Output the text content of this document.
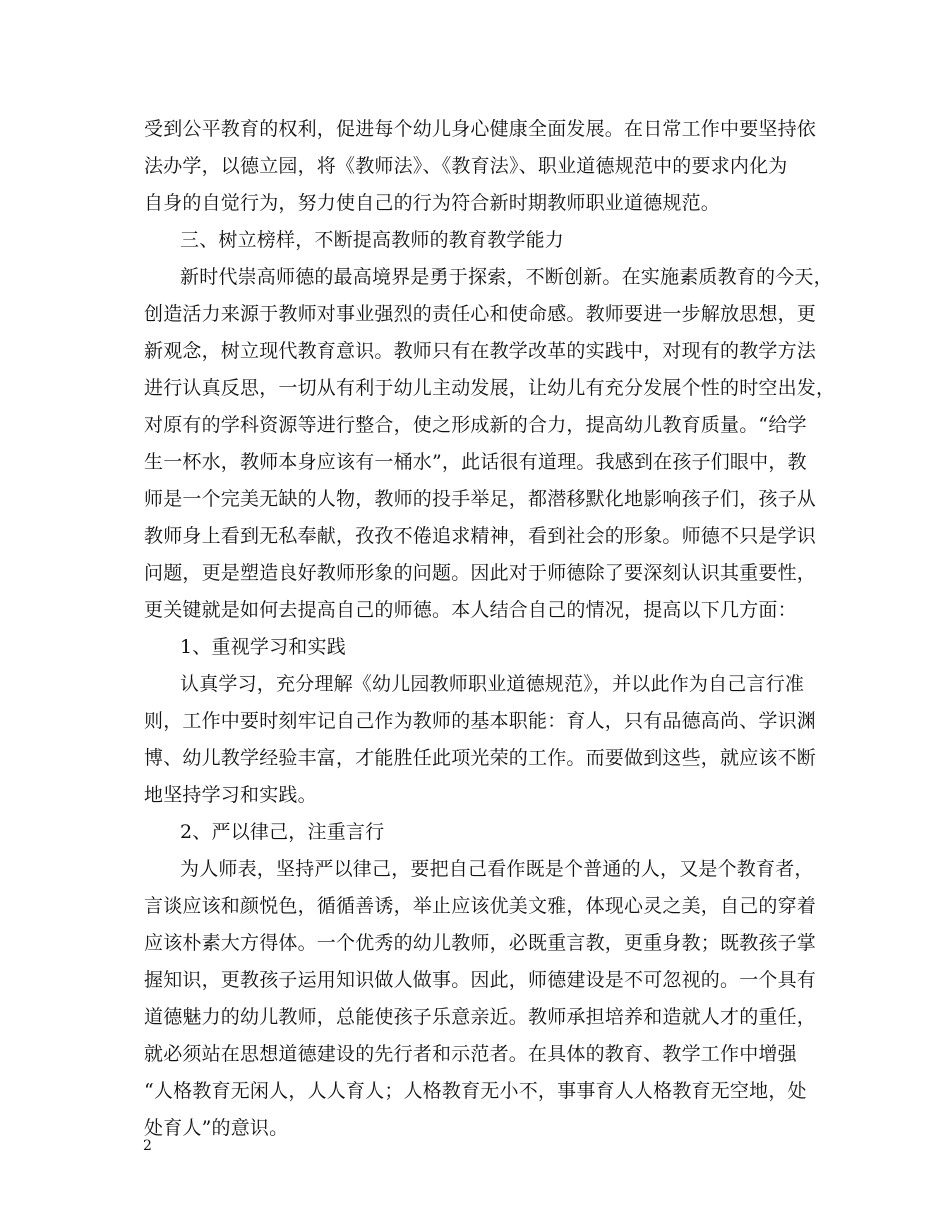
受到公平教育的权利，促进每个幼儿身心健康全面发展。在日常工作中要坚持依
法办学，以德立园，将《教师法》、《教育法》、职业道德规范中的要求内化为
自身的自觉行为，努力使自己的行为符合新时期教师职业道德规范。
三、树立榜样，不断提高教师的教育教学能力
新时代崇高师德的最高境界是勇于探索，不断创新。在实施素质教育的今天，
创造活力来源于教师对事业强烈的责任心和使命感。教师要进一步解放思想，更
新观念，树立现代教育意识。教师只有在教学改革的实践中，对现有的教学方法
进行认真反思，一切从有利于幼儿主动发展，让幼儿有充分发展个性的时空出发，
对原有的学科资源等进行整合，使之形成新的合力，提高幼儿教育质量。“给学
生一杯水，教师本身应该有一桶水”，此话很有道理。我感到在孩子们眼中，教
师是一个完美无缺的人物，教师的投手举足，都潜移默化地影响孩子们，孩子从
教师身上看到无私奉献，孜孜不倦追求精神，看到社会的形象。师德不只是学识
问题，更是塑造良好教师形象的问题。因此对于师德除了要深刻认识其重要性，
更关键就是如何去提高自己的师德。本人结合自己的情况，提高以下几方面：
1、重视学习和实践
认真学习，充分理解《幼儿园教师职业道德规范》，并以此作为自己言行准
则，工作中要时刻牢记自己作为教师的基本职能：育人，只有品德高尚、学识渊
博、幼儿教学经验丰富，才能胜任此项光荣的工作。而要做到这些，就应该不断
地坚持学习和实践。
2、严以律己，注重言行
为人师表，坚持严以律己，要把自己看作既是个普通的人，又是个教育者，
言谈应该和颜悦色，循循善诱，举止应该优美文雅，体现心灵之美，自己的穿着
应该朴素大方得体。一个优秀的幼儿教师，必既重言教，更重身教；既教孩子掌
握知识，更教孩子运用知识做人做事。因此，师德建设是不可忽视的。一个具有
道德魅力的幼儿教师，总能使孩子乐意亲近。教师承担培养和造就人才的重任，
就必须站在思想道德建设的先行者和示范者。在具体的教育、教学工作中增强
“人格教育无闲人，人人育人；人格教育无小不，事事育人人格教育无空地，处
处育人”的意识。
2
